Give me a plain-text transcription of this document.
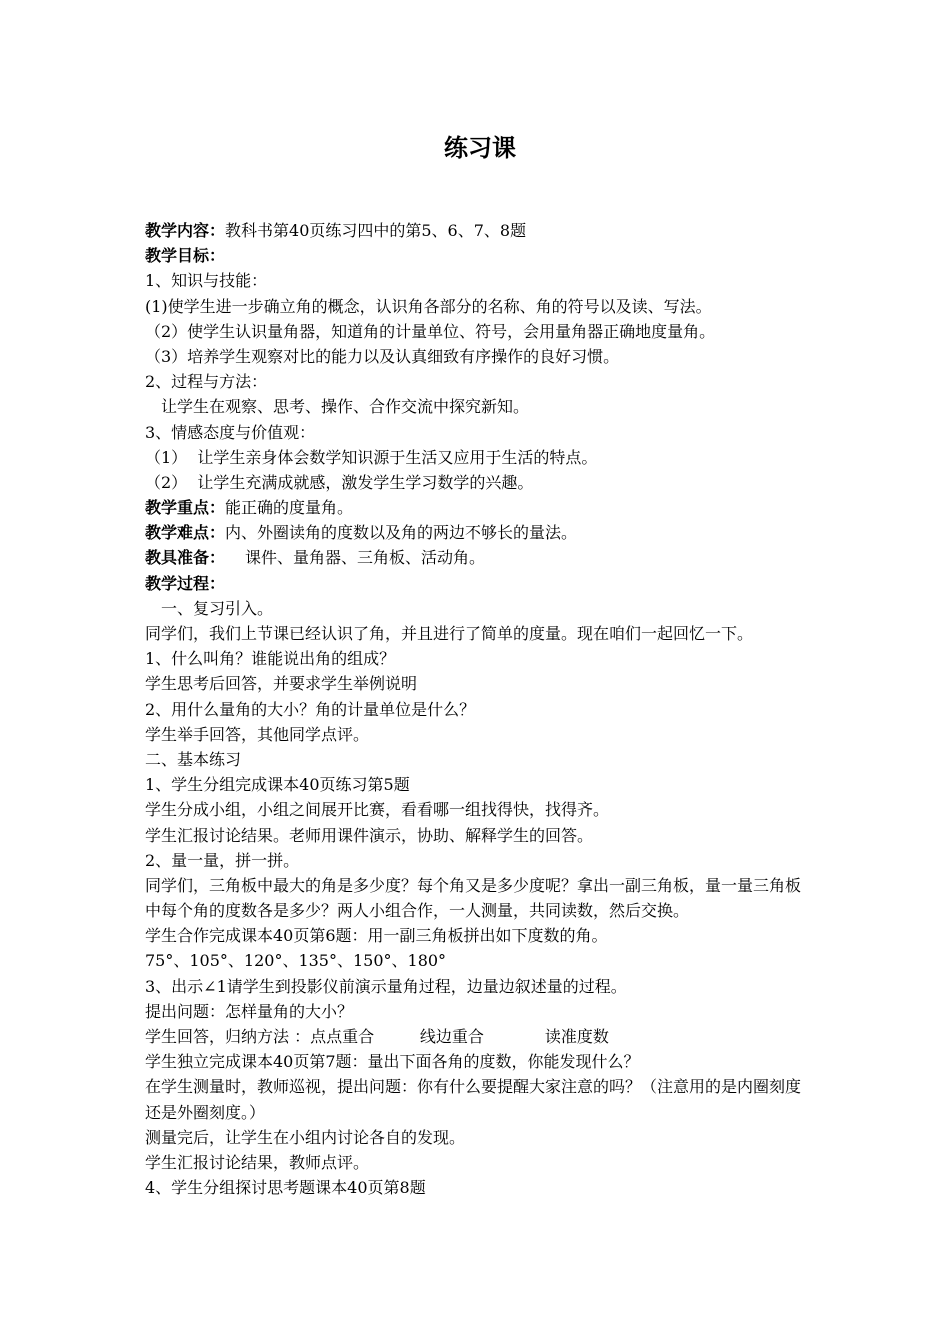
练习课
教学内容：教科书第40页练习四中的第5、6、7、8题
教学目标：
1、知识与技能：
(1)使学生进一步确立角的概念，认识角各部分的名称、角的符号以及读、写法。
（2）使学生认识量角器，知道角的计量单位、符号，会用量角器正确地度量角。
（3）培养学生观察对比的能力以及认真细致有序操作的良好习惯。
2、过程与方法：
让学生在观察、思考、操作、合作交流中探究新知。
3、情感态度与价值观：
（1）  让学生亲身体会数学知识源于生活又应用于生活的特点。
（2）  让学生充满成就感，激发学生学习数学的兴趣。
教学重点：能正确的度量角。
教学难点：内、外圈读角的度数以及角的两边不够长的量法。
教具准备： 课件、量角器、三角板、活动角。
教学过程：
一、复习引入。
同学们，我们上节课已经认识了角，并且进行了简单的度量。现在咱们一起回忆一下。
1、什么叫角？谁能说出角的组成？
学生思考后回答，并要求学生举例说明
2、用什么量角的大小？角的计量单位是什么？
学生举手回答，其他同学点评。
二、基本练习
1、学生分组完成课本40页练习第5题
学生分成小组，小组之间展开比赛，看看哪一组找得快，找得齐。
学生汇报讨论结果。老师用课件演示，协助、解释学生的回答。
2、量一量，拼一拼。
同学们，三角板中最大的角是多少度？每个角又是多少度呢？拿出一副三角板，量一量三角板中每个角的度数各是多少？两人小组合作，一人测量，共同读数，然后交换。
学生合作完成课本40页第6题：用一副三角板拼出如下度数的角。
75°、105°、120°、135°、150°、180°
3、出示∠1请学生到投影仪前演示量角过程，边量边叙述量的过程。
提出问题：怎样量角的大小？
学生回答，归纳方法 ：点点重合         线边重合            读准度数
学生独立完成课本40页第7题：量出下面各角的度数，你能发现什么？
在学生测量时，教师巡视，提出问题：你有什么要提醒大家注意的吗？（注意用的是内圈刻度还是外圈刻度。）
测量完后，让学生在小组内讨论各自的发现。
学生汇报讨论结果，教师点评。
4、学生分组探讨思考题课本40页第8题
